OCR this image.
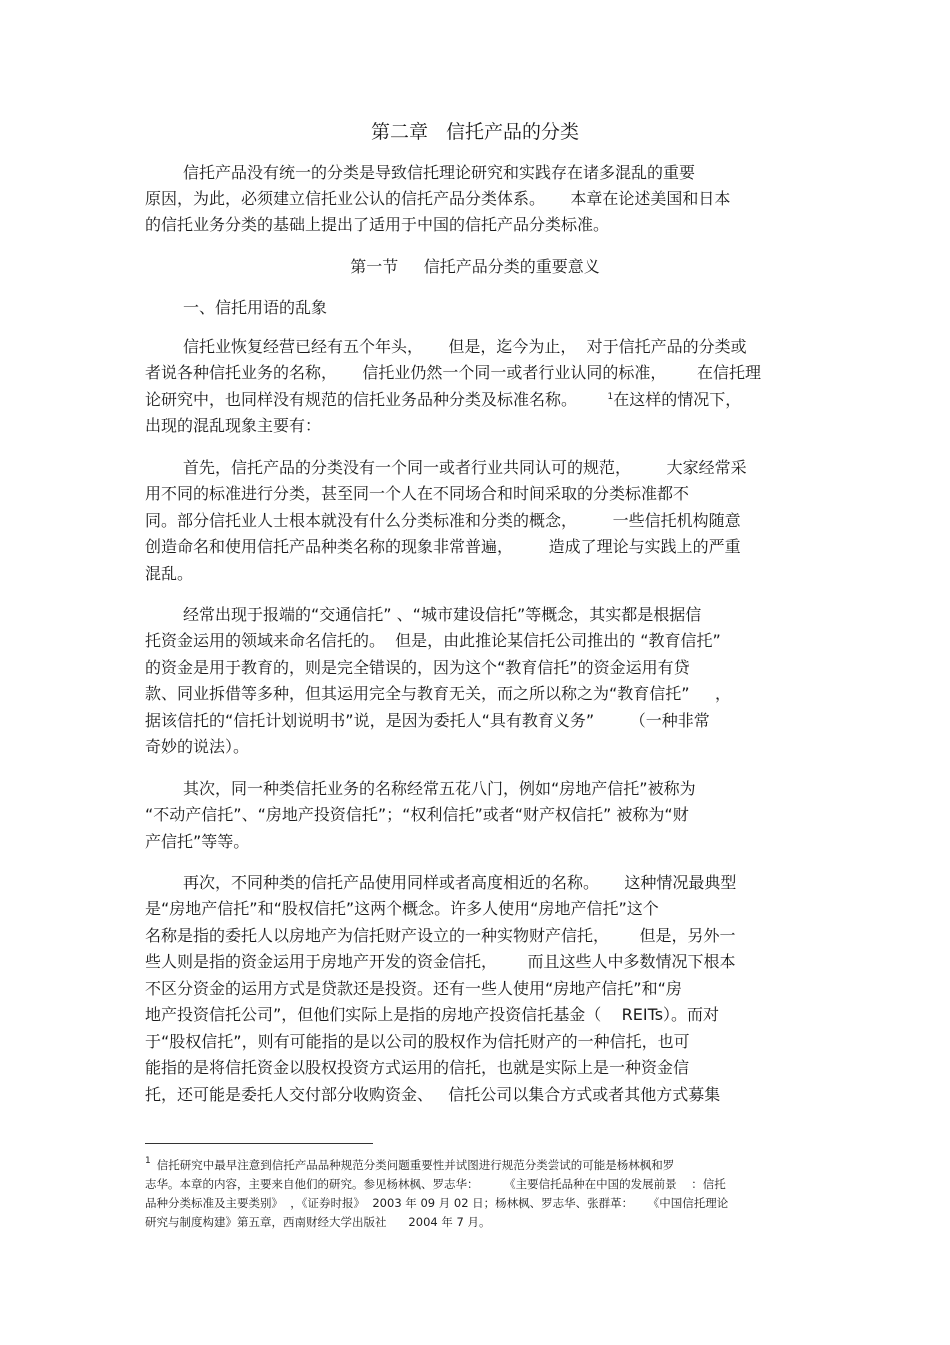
第二章   信托产品的分类
信托产品没有统一的分类是导致信托理论研究和实践存在诸多混乱的重要
原因，为此，必须建立信托业公认的信托产品分类体系。     本章在论述美国和日本
的信托业务分类的基础上提出了适用于中国的信托产品分类标准。
第一节     信托产品分类的重要意义
一、信托用语的乱象
信托业恢复经营已经有五个年头，     但是，迄今为止，  对于信托产品的分类或
者说各种信托业务的名称，     信托业仍然一个同一或者行业认同的标准，      在信托理
论研究中，也同样没有规范的信托业务品种分类及标准名称。      $^1$在这样的情况下，
出现的混乱现象主要有：
首先，信托产品的分类没有一个同一或者行业共同认可的规范，       大家经常采
用不同的标准进行分类，甚至同一个人在不同场合和时间采取的分类标准都不
同。部分信托业人士根本就没有什么分类标准和分类的概念，       一些信托机构随意
创造命名和使用信托产品种类名称的现象非常普遍，       造成了理论与实践上的严重
混乱。
经常出现于报端的“交通信托” 、“城市建设信托”等概念，其实都是根据信
托资金运用的领域来命名信托的。  但是，由此推论某信托公司推出的 “教育信托”
的资金是用于教育的，则是完全错误的，因为这个“教育信托”的资金运用有贷
款、同业拆借等多种，但其运用完全与教育无关，而之所以称之为“教育信托”     ，
据该信托的“信托计划说明书”说，是因为委托人“具有教育义务”       （一种非常
奇妙的说法）。
其次，同一种类信托业务的名称经常五花八门，例如“房地产信托”被称为
“不动产信托”、“房地产投资信托”；“权利信托”或者“财产权信托” 被称为“财
产信托”等等。
再次，不同种类的信托产品使用同样或者高度相近的名称。     这种情况最典型
是“房地产信托”和“股权信托”这两个概念。许多人使用“房地产信托”这个
名称是指的委托人以房地产为信托财产设立的一种实物财产信托，      但是，另外一
些人则是指的资金运用于房地产开发的资金信托，      而且这些人中多数情况下根本
不区分资金的运用方式是贷款还是投资。还有一些人使用“房地产信托”和“房
地产投资信托公司”，但他们实际上是指的房地产投资信托基金（    REITs）。而对
于“股权信托”，则有可能指的是以公司的股权作为信托财产的一种信托，也可
能指的是将信托资金以股权投资方式运用的信托，也就是实际上是一种资金信
托，还可能是委托人交付部分收购资金、   信托公司以集合方式或者其他方式募集
$^1$ 信托研究中最早注意到信托产品品种规范分类问题重要性并试图进行规范分类尝试的可能是杨林枫和罗
志华。本章的内容，主要来自他们的研究。参见杨林枫、罗志华：       《主要信托品种在中国的发展前景    ：信托
品种分类标准及主要类别》  ，《证券时报》  2003 年 09 月 02 日；杨林枫、罗志华、张群革：    《中国信托理论
研究与制度构建》第五章，西南财经大学出版社      2004 年 7 月。
